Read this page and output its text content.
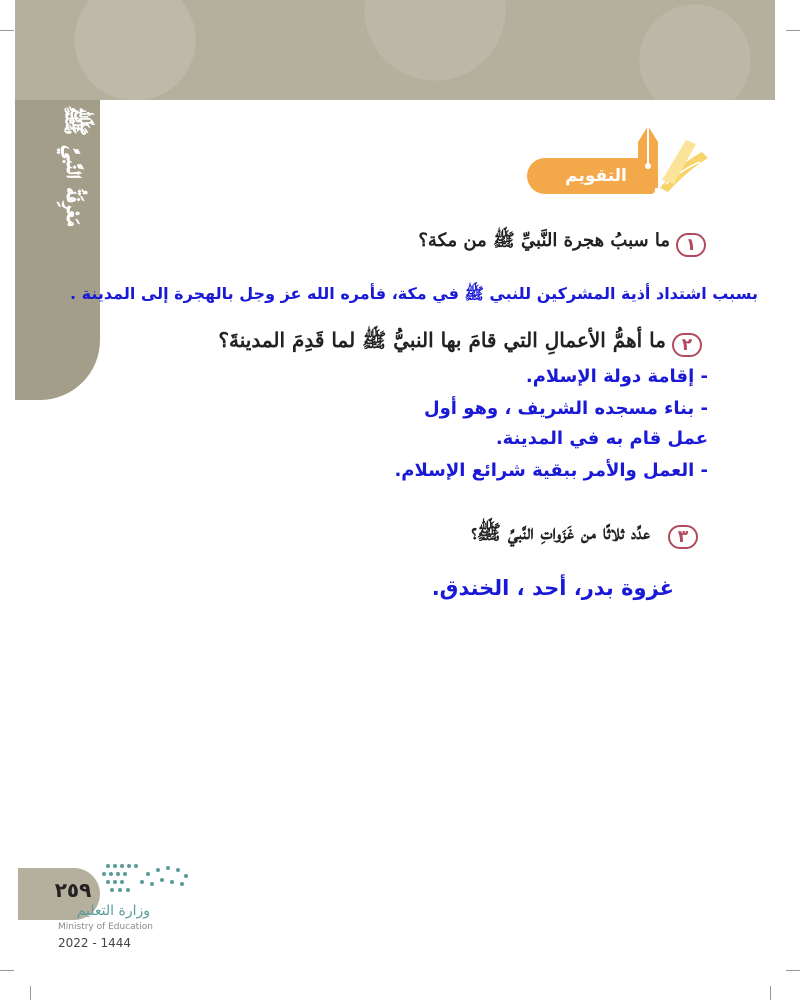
مَعْرِفَةُ النَّبيِّ ﷺ	التقويم
١
ما سببُ هجرة النَّبيِّ ﷺ من مكة؟
بسبب اشتداد أذية المشركين للنبي ﷺ في مكة، فأمره الله عز وجل بالهجرة إلى المدينة .
٢
ما أهمُّ الأعمالِ التي قامَ بها النبيُّ ﷺ لما قَدِمَ المدينةَ؟
- إقامة دولة الإسلام.
- بناء مسجده الشريف ، وهو أول
عمل قام به في المدينة.
- العمل والأمر ببقية شرائع الإسلام.
٣
عدِّد ثلاثًا من غَزَواتِ النَّبيِّ ﷺ؟
غزوة بدر، أحد ، الخندق.
٢٥٩
وزارة التعليم
Ministry of Education
2022 - 1444
